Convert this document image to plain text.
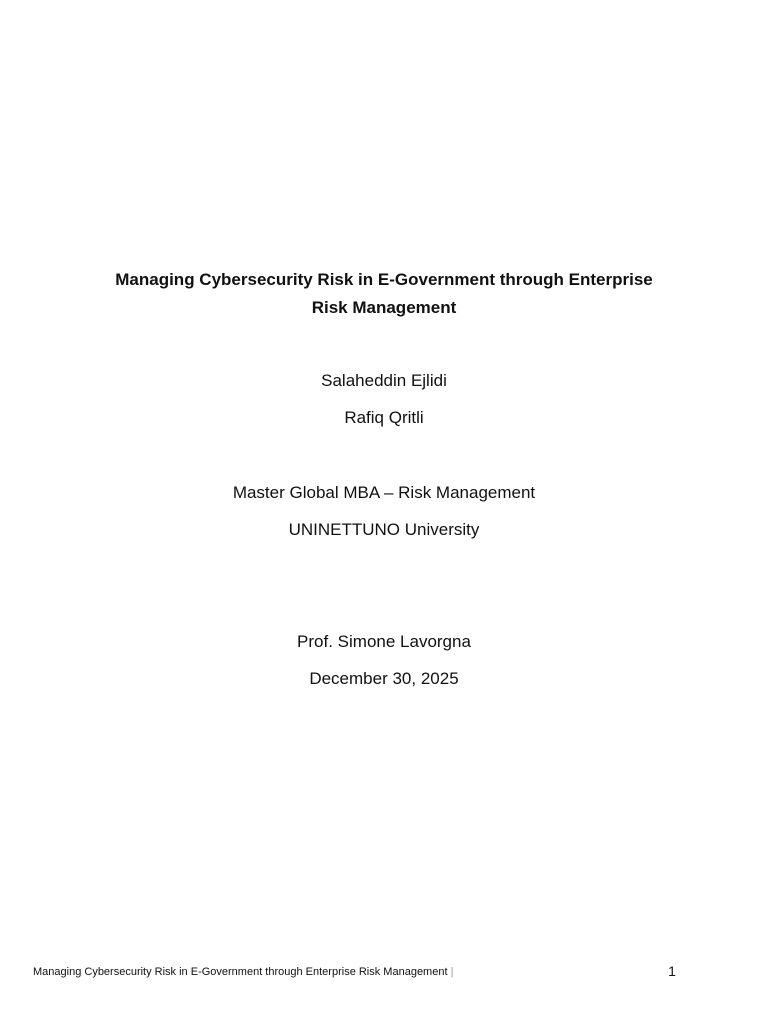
Managing Cybersecurity Risk in E-Government through Enterprise
Risk Management
Salaheddin Ejlidi
Rafiq Qritli
Master Global MBA – Risk Management
UNINETTUNO University
Prof. Simone Lavorgna
December 30, 2025
Managing Cybersecurity Risk in E-Government through Enterprise Risk Management |	1
